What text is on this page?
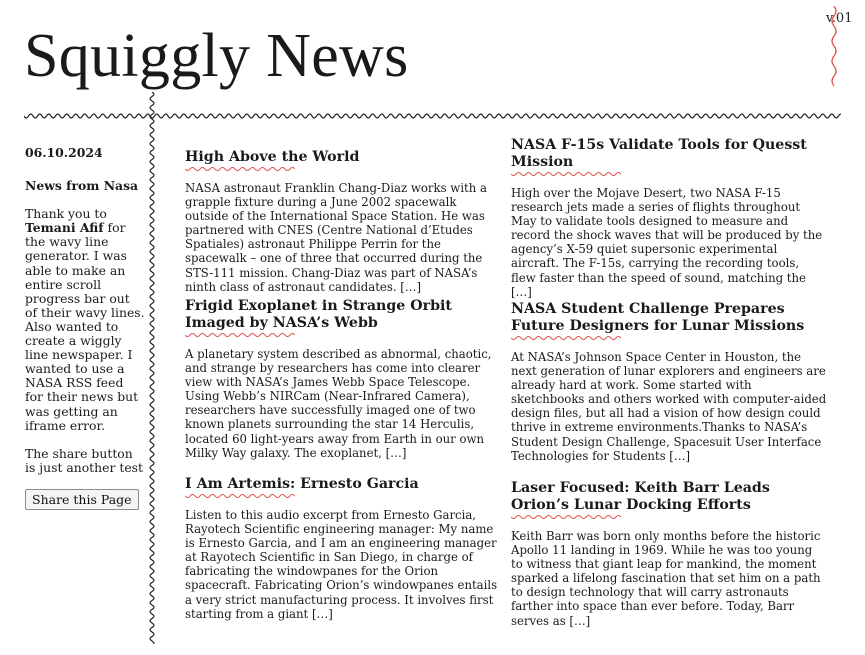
v.01
Squiggly News
06.10.2024
News from Nasa

Thank you to Temani Afif for the wavy line generator. I was able to make an entire scroll progress bar out of their wavy lines. Also wanted to create a wiggly line newspaper. I wanted to use a NASA RSS feed for their news but was getting an iframe error.

The share button is just another test

Share this Page
High Above the World

NASA astronaut Franklin Chang-Diaz works with a grapple fixture during a June 2002 spacewalk outside of the International Space Station. He was partnered with CNES (Centre National d’Etudes Spatiales) astronaut Philippe Perrin for the spacewalk – one of three that occurred during the STS-111 mission. Chang-Diaz was part of NASA’s ninth class of astronaut candidates. […]

Frigid Exoplanet in Strange Orbit Imaged by NASA’s Webb

A planetary system described as abnormal, chaotic, and strange by researchers has come into clearer view with NASA’s James Webb Space Telescope. Using Webb’s NIRCam (Near-Infrared Camera), researchers have successfully imaged one of two known planets surrounding the star 14 Herculis, located 60 light-years away from Earth in our own Milky Way galaxy. The exoplanet, […]

I Am Artemis: Ernesto Garcia

Listen to this audio excerpt from Ernesto Garcia, Rayotech Scientific engineering manager: My name is Ernesto Garcia, and I am an engineering manager at Rayotech Scientific in San Diego, in charge of fabricating the windowpanes for the Orion spacecraft. Fabricating Orion’s windowpanes entails a very strict manufacturing process. It involves first starting from a giant […]

NASA F-15s Validate Tools for Quesst Mission

High over the Mojave Desert, two NASA F-15 research jets made a series of flights throughout May to validate tools designed to measure and record the shock waves that will be produced by the agency’s X-59 quiet supersonic experimental aircraft. The F-15s, carrying the recording tools, flew faster than the speed of sound, matching the […]

NASA Student Challenge Prepares Future Designers for Lunar Missions

At NASA’s Johnson Space Center in Houston, the next generation of lunar explorers and engineers are already hard at work. Some started with sketchbooks and others worked with computer-aided design files, but all had a vision of how design could thrive in extreme environments.Thanks to NASA’s Student Design Challenge, Spacesuit User Interface Technologies for Students […]

Laser Focused: Keith Barr Leads Orion’s Lunar Docking Efforts

Keith Barr was born only months before the historic Apollo 11 landing in 1969. While he was too young to witness that giant leap for mankind, the moment sparked a lifelong fascination that set him on a path to design technology that will carry astronauts farther into space than ever before. Today, Barr serves as […]
